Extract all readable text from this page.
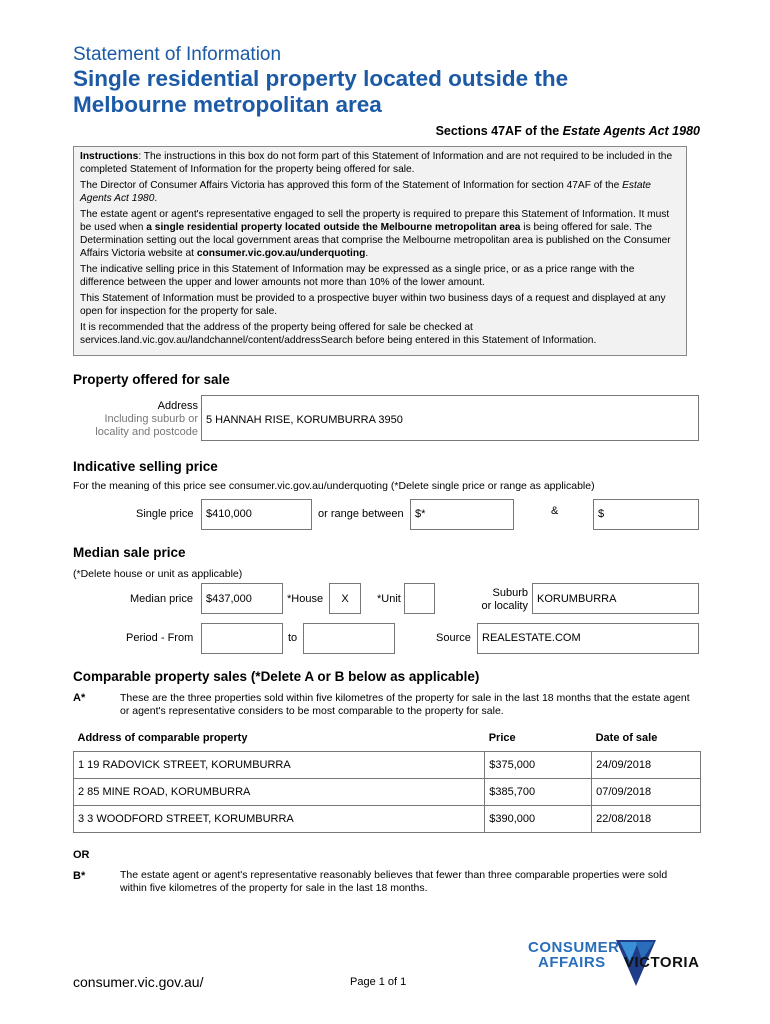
Statement of Information
Single residential property located outside the
Melbourne metropolitan area
Sections 47AF of the Estate Agents Act 1980

Instructions: The instructions in this box do not form part of this Statement of Information and are not required to be included in the completed Statement of Information for the property being offered for sale.

The Director of Consumer Affairs Victoria has approved this form of the Statement of Information for section 47AF of the Estate Agents Act 1980.

The estate agent or agent's representative engaged to sell the property is required to prepare this Statement of Information. It must be used when a single residential property located outside the Melbourne metropolitan area is being offered for sale. The Determination setting out the local government areas that comprise the Melbourne metropolitan area is published on the Consumer Affairs Victoria website at consumer.vic.gov.au/underquoting.

The indicative selling price in this Statement of Information may be expressed as a single price, or as a price range with the difference between the upper and lower amounts not more than 10% of the lower amount.

This Statement of Information must be provided to a prospective buyer within two business days of a request and displayed at any open for inspection for the property for sale.

It is recommended that the address of the property being offered for sale be checked at services.land.vic.gov.au/landchannel/content/addressSearch before being entered in this Statement of Information.

Property offered for sale
Address
Including suburb or
locality and postcode
5 HANNAH RISE, KORUMBURRA 3950
Indicative selling price
For the meaning of this price see consumer.vic.gov.au/underquoting (*Delete single price or range as applicable)
Single price	$410,000	or range between	$*	&	$
Median sale price
(*Delete house or unit as applicable)
Median price	$437,000	*House	X	*Unit	Suburb
or locality
KORUMBURRA
Period - From	to	Source	REALESTATE.COM
Comparable property sales (*Delete A or B below as applicable)
A*	These are the three properties sold within five kilometres of the property for sale in the last 18 months that the estate agent or agent's representative considers to be most comparable to the property for sale.
Address of comparable property	Price	Date of sale
1 19 RADOVICK STREET, KORUMBURRA	$375,000	24/09/2018
2 85 MINE ROAD, KORUMBURRA	$385,700	07/09/2018
3 3 WOODFORD STREET, KORUMBURRA	$390,000	22/08/2018
OR
B*	The estate agent or agent's representative reasonably believes that fewer than three comparable properties were sold within five kilometres of the property for sale in the last 18 months.
consumer.vic.gov.au/	Page 1 of 1
CONSUMER
AFFAIRS VICTORIA
